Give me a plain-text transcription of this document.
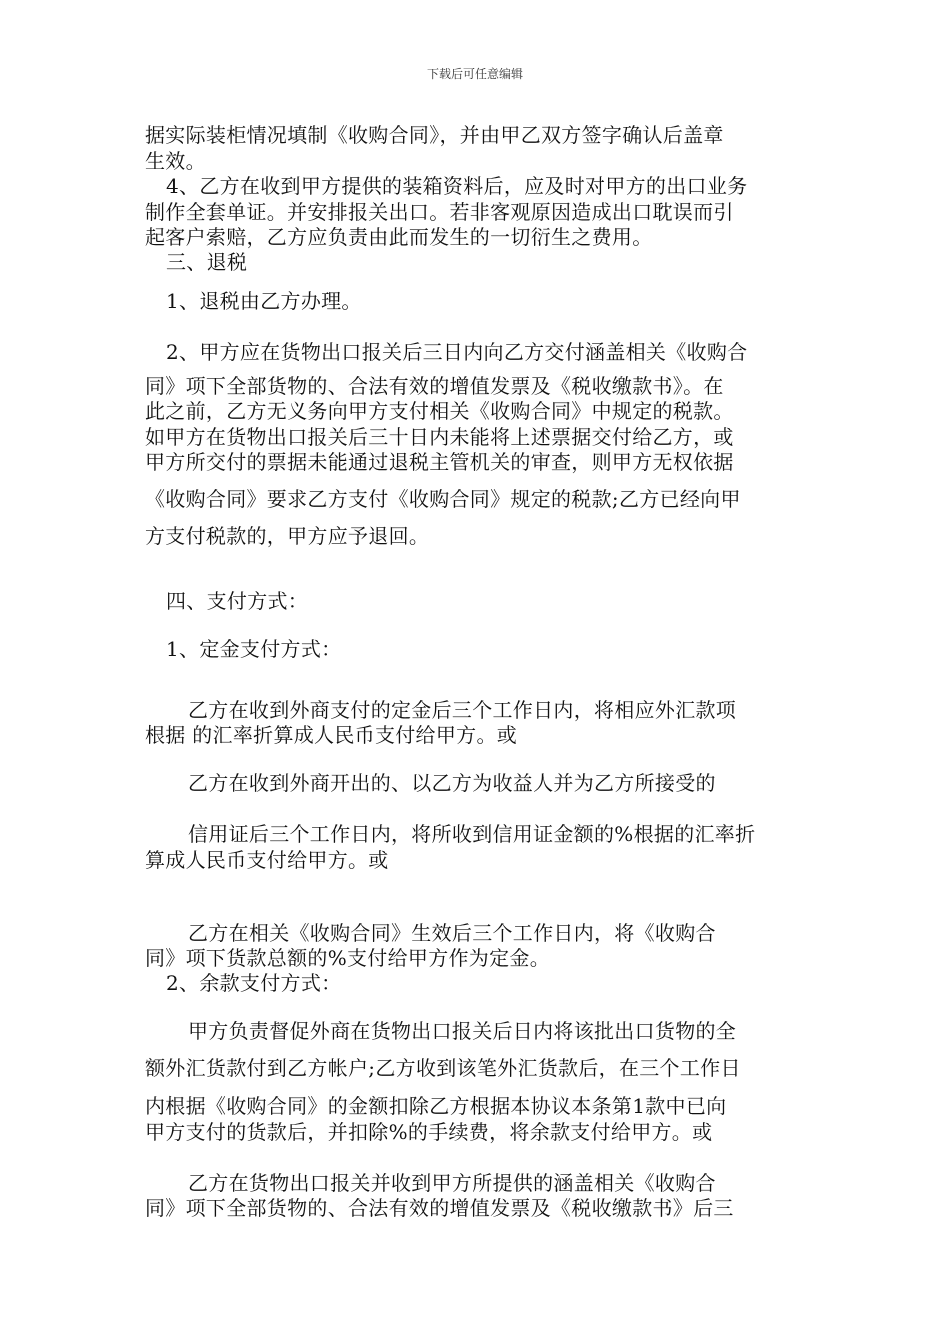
下载后可任意编辑
据实际装柜情况填制《收购合同》，并由甲乙双方签字确认后盖章
生效。
4、乙方在收到甲方提供的装箱资料后，应及时对甲方的出口业务
制作全套单证。并安排报关出口。若非客观原因造成出口耽误而引
起客户索赔，乙方应负责由此而发生的一切衍生之费用。
三、退税
1、退税由乙方办理。
2、甲方应在货物出口报关后三日内向乙方交付涵盖相关《收购合
同》项下全部货物的、合法有效的增值发票及《税收缴款书》。在
此之前，乙方无义务向甲方支付相关《收购合同》中规定的税款。
如甲方在货物出口报关后三十日内未能将上述票据交付给乙方，或
甲方所交付的票据未能通过退税主管机关的审查，则甲方无权依据
《收购合同》要求乙方支付《收购合同》规定的税款;乙方已经向甲
方支付税款的，甲方应予退回。
四、支付方式：
1、定金支付方式：
乙方在收到外商支付的定金后三个工作日内，将相应外汇款项
根据 的汇率折算成人民币支付给甲方。或
乙方在收到外商开出的、以乙方为收益人并为乙方所接受的
信用证后三个工作日内，将所收到信用证金额的%根据的汇率折
算成人民币支付给甲方。或
乙方在相关《收购合同》生效后三个工作日内，将《收购合
同》项下货款总额的%支付给甲方作为定金。
2、余款支付方式：
甲方负责督促外商在货物出口报关后日内将该批出口货物的全
额外汇货款付到乙方帐户;乙方收到该笔外汇货款后，在三个工作日
内根据《收购合同》的金额扣除乙方根据本协议本条第1款中已向
甲方支付的货款后，并扣除%的手续费，将余款支付给甲方。或
乙方在货物出口报关并收到甲方所提供的涵盖相关《收购合
同》项下全部货物的、合法有效的增值发票及《税收缴款书》后三
